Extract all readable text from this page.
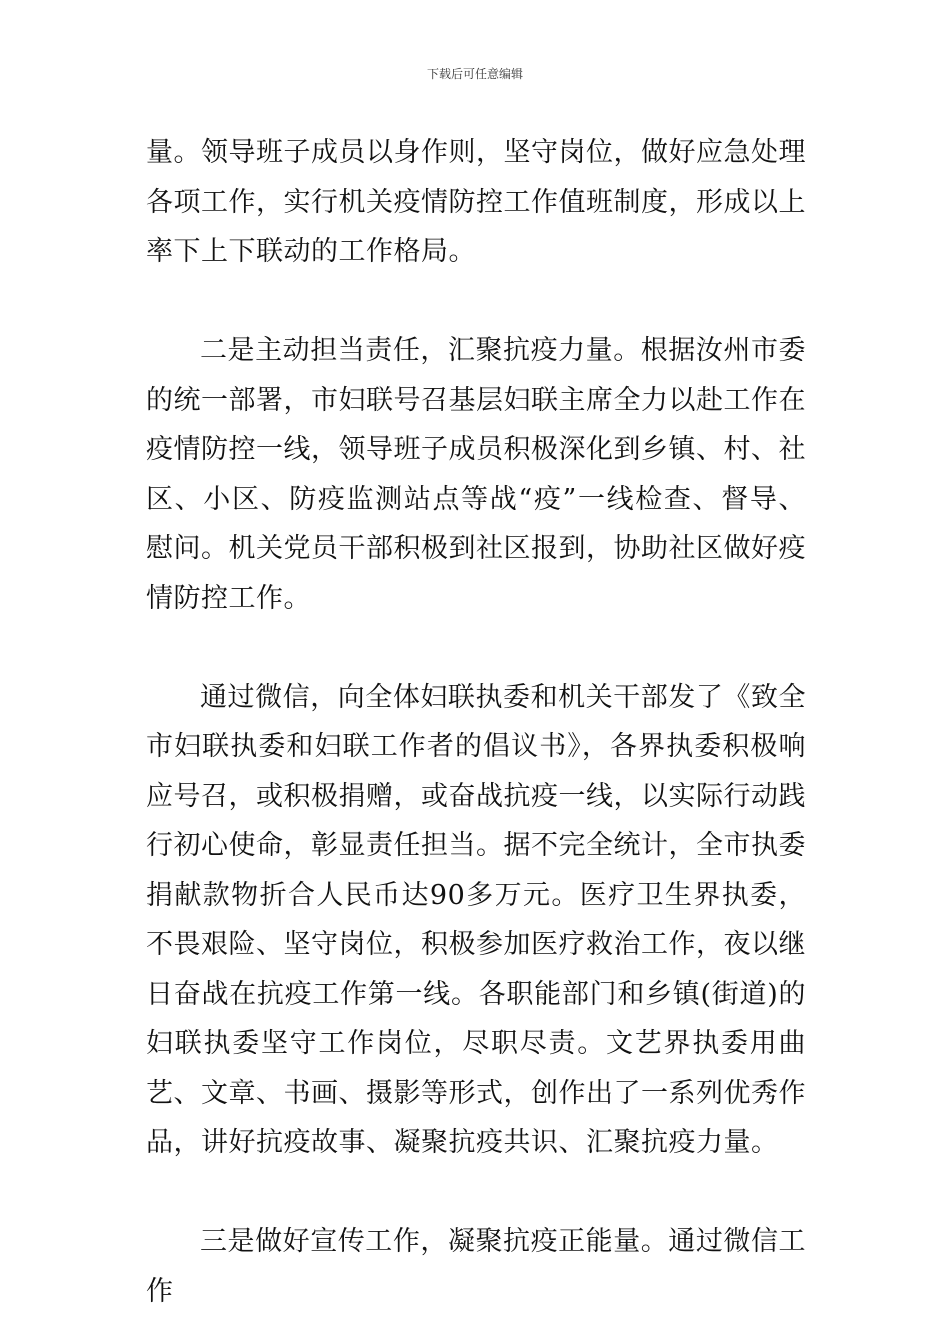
下载后可任意编辑

量。领导班子成员以身作则，坚守岗位，做好应急处理各项工作，实行机关疫情防控工作值班制度，形成以上率下上下联动的工作格局。

二是主动担当责任，汇聚抗疫力量。根据汝州市委的统一部署，市妇联号召基层妇联主席全力以赴工作在疫情防控一线，领导班子成员积极深化到乡镇、村、社区、小区、防疫监测站点等战“疫”一线检查、督导、慰问。机关党员干部积极到社区报到，协助社区做好疫情防控工作。

通过微信，向全体妇联执委和机关干部发了《致全市妇联执委和妇联工作者的倡议书》，各界执委积极响应号召，或积极捐赠，或奋战抗疫一线，以实际行动践行初心使命，彰显责任担当。据不完全统计，全市执委捐献款物折合人民币达90多万元。医疗卫生界执委，不畏艰险、坚守岗位，积极参加医疗救治工作，夜以继日奋战在抗疫工作第一线。各职能部门和乡镇(街道)的妇联执委坚守工作岗位，尽职尽责。文艺界执委用曲艺、文章、书画、摄影等形式，创作出了一系列优秀作品，讲好抗疫故事、凝聚抗疫共识、汇聚抗疫力量。

三是做好宣传工作，凝聚抗疫正能量。通过微信工作
